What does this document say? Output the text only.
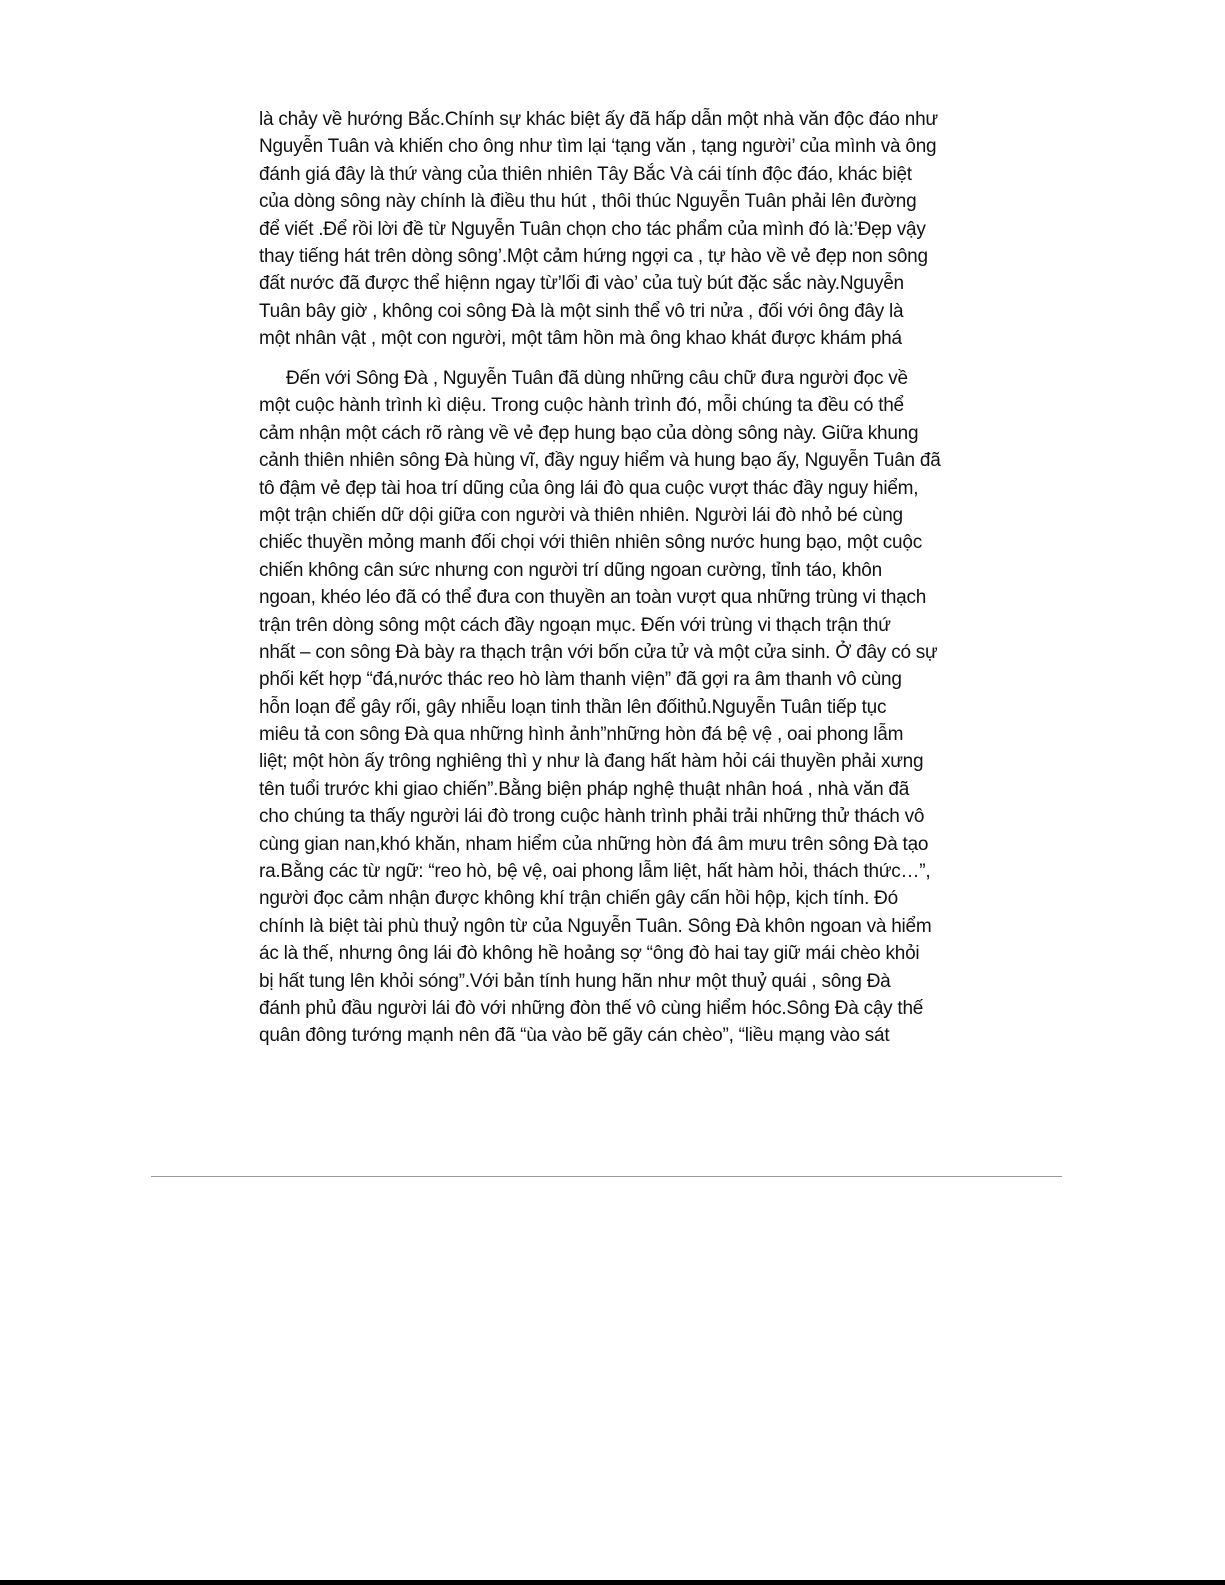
là chảy về hướng Bắc.Chính sự khác biệt ấy đã hấp dẫn một nhà văn độc đáo như
Nguyễn Tuân và khiến cho ông như tìm lại ‘tạng văn , tạng người’ của mình và ông
đánh giá đây là thứ vàng của thiên nhiên Tây Bắc Và cái tính độc đáo, khác biệt
của dòng sông này chính là điều thu hút , thôi thúc Nguyễn Tuân phải lên đường
để viết .Để rồi lời đề từ Nguyễn Tuân chọn cho tác phẩm của mình đó là:’Đẹp vậy
thay tiếng hát trên dòng sông’.Một cảm hứng ngợi ca , tự hào về vẻ đẹp non sông
đất nước đã được thể hiệnn ngay từ’lối đi vào’ của tuỳ bút đặc sắc này.Nguyễn
Tuân bây giờ , không coi sông Đà là một sinh thể vô tri nửa , đối với ông đây là
một nhân vật , một con người, một tâm hồn mà ông khao khát được khám phá
Đến với Sông Đà , Nguyễn Tuân đã dùng những câu chữ đưa người đọc về
một cuộc hành trình kì diệu. Trong cuộc hành trình đó, mỗi chúng ta đều có thể
cảm nhận một cách rõ ràng về vẻ đẹp hung bạo của dòng sông này. Giữa khung
cảnh thiên nhiên sông Đà hùng vĩ, đầy nguy hiểm và hung bạo ấy, Nguyễn Tuân đã
tô đậm vẻ đẹp tài hoa trí dũng của ông lái đò qua cuộc vượt thác đầy nguy hiểm,
một trận chiến dữ dội giữa con người và thiên nhiên. Người lái đò nhỏ bé cùng
chiếc thuyền mỏng manh đối chọi với thiên nhiên sông nước hung bạo, một cuộc
chiến không cân sức nhưng con người trí dũng ngoan cường, tỉnh táo, khôn
ngoan, khéo léo đã có thể đưa con thuyền an toàn vượt qua những trùng vi thạch
trận trên dòng sông một cách đầy ngoạn mục. Đến với trùng vi thạch trận thứ
nhất – con sông Đà bày ra thạch trận với bốn cửa tử và một cửa sinh. Ở đây có sự
phối kết hợp “đá,nước thác reo hò làm thanh viện” đã gợi ra âm thanh vô cùng
hỗn loạn để gây rối, gây nhiễu loạn tinh thần lên đốithủ.Nguyễn Tuân tiếp tục
miêu tả con sông Đà qua những hình ảnh”những hòn đá bệ vệ , oai phong lẫm
liệt; một hòn ấy trông nghiêng thì y như là đang hất hàm hỏi cái thuyền phải xưng
tên tuổi trước khi giao chiến”.Bằng biện pháp nghệ thuật nhân hoá , nhà văn đã
cho chúng ta thấy người lái đò trong cuộc hành trình phải trải những thử thách vô
cùng gian nan,khó khăn, nham hiểm của những hòn đá âm mưu trên sông Đà tạo
ra.Bằng các từ ngữ: “reo hò, bệ vệ, oai phong lẫm liệt, hất hàm hỏi, thách thức…”,
người đọc cảm nhận được không khí trận chiến gây cấn hồi hộp, kịch tính. Đó
chính là biệt tài phù thuỷ ngôn từ của Nguyễn Tuân. Sông Đà khôn ngoan và hiểm
ác là thế, nhưng ông lái đò không hề hoảng sợ “ông đò hai tay giữ mái chèo khỏi
bị hất tung lên khỏi sóng”.Với bản tính hung hãn như một thuỷ quái , sông Đà
đánh phủ đầu người lái đò với những đòn thế vô cùng hiểm hóc.Sông Đà cậy thế
quân đông tướng mạnh nên đã “ùa vào bẽ gãy cán chèo”, “liều mạng vào sát
